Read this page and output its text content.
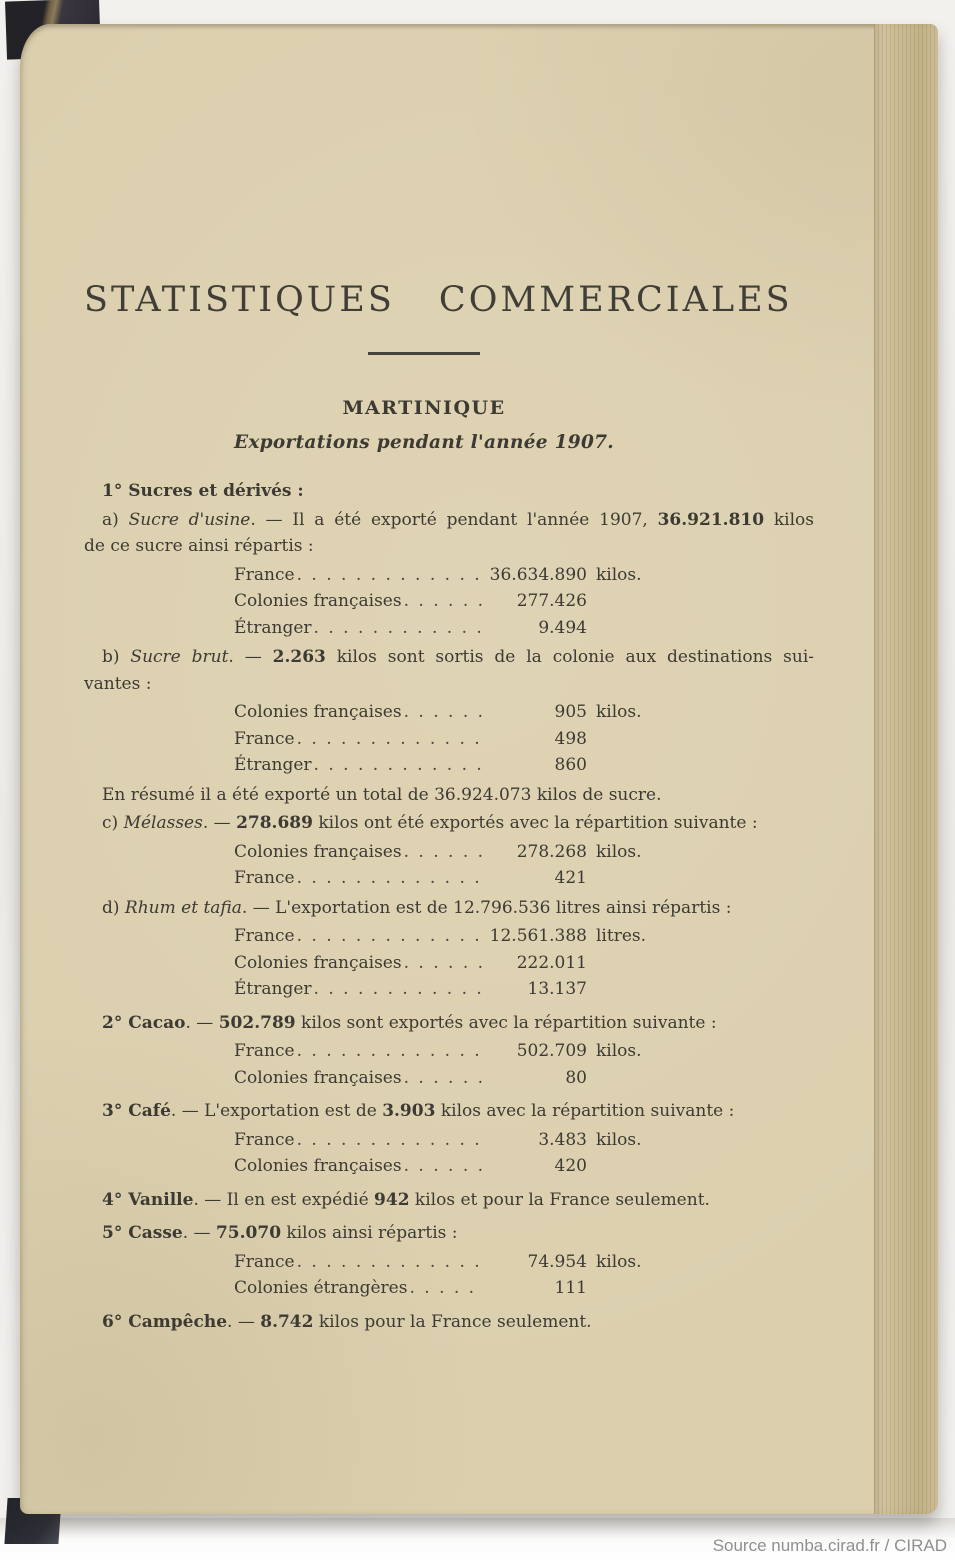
STATISTIQUES COMMERCIALES
MARTINIQUE
Exportations pendant l'année 1907.
1° Sucres et dérivés :
a) Sucre d'usine. — Il a été exporté pendant l'année 1907, 36.921.810 kilos
de ce sucre ainsi répartis :
France . . .	36.634.890 kilos.
Colonies françaises . . .	277.426
Étranger . . .	9.494
b) Sucre brut. — 2.263 kilos sont sortis de la colonie aux destinations sui-
vantes :
Colonies françaises . . .	905 kilos.
France . . .	498
Étranger . . .	860
En résumé il a été exporté un total de 36.924.073 kilos de sucre.
c) Mélasses. — 278.689 kilos ont été exportés avec la répartition suivante :
Colonies françaises . . .	278.268 kilos.
France . . .	421
d) Rhum et tafia. — L'exportation est de 12.796.536 litres ainsi répartis :
France . . .	12.561.388 litres.
Colonies françaises . . .	222.011
Étranger . . .	13.137
2° Cacao. — 502.789 kilos sont exportés avec la répartition suivante :
France . . .	502.709 kilos.
Colonies françaises . . .	80
3° Café. — L'exportation est de 3.903 kilos avec la répartition suivante :
France . . .	3.483 kilos.
Colonies françaises . . .	420
4° Vanille. — Il en est expédié 942 kilos et pour la France seulement.
5° Casse. — 75.070 kilos ainsi répartis :
France . . .	74.954 kilos.
Colonies étrangères . . .	111
6° Campêche. — 8.742 kilos pour la France seulement.
Source numba.cirad.fr / CIRAD
